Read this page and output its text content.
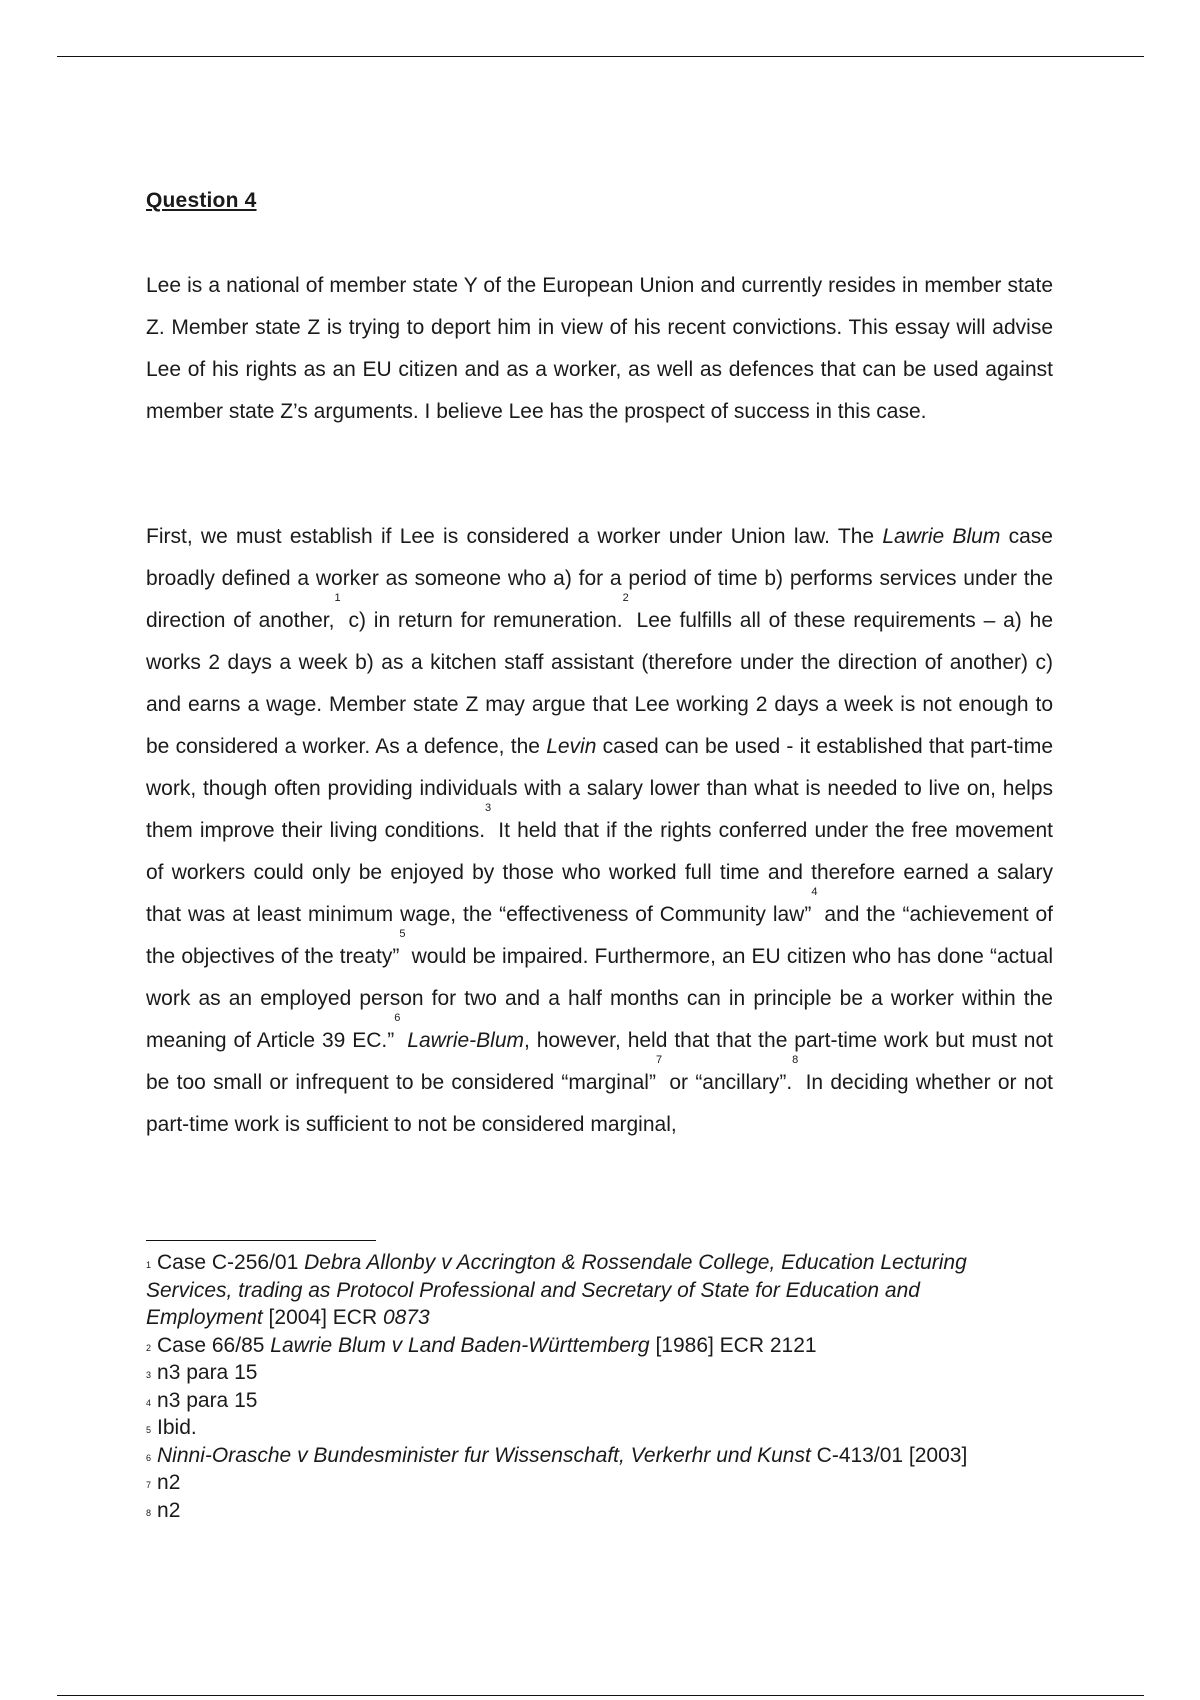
Question 4

Lee is a national of member state Y of the European Union and currently resides in member state Z. Member state Z is trying to deport him in view of his recent convictions. This essay will advise Lee of his rights as an EU citizen and as a worker, as well as defences that can be used against member state Z’s arguments. I believe Lee has the prospect of success in this case.

First, we must establish if Lee is considered a worker under Union law. The Lawrie Blum case broadly defined a worker as someone who a) for a period of time b) performs services under the direction of another,$^1$ c) in return for remuneration.$^2$ Lee fulfills all of these requirements – a) he works 2 days a week b) as a kitchen staff assistant (therefore under the direction of another) c) and earns a wage. Member state Z may argue that Lee working 2 days a week is not enough to be considered a worker. As a defence, the Levin cased can be used - it established that part-time work, though often providing individuals with a salary lower than what is needed to live on, helps them improve their living conditions.$^3$ It held that if the rights conferred under the free movement of workers could only be enjoyed by those who worked full time and therefore earned a salary that was at least minimum wage, the “effectiveness of Community law”$^4$ and the “achievement of the objectives of the treaty”$^5$ would be impaired. Furthermore, an EU citizen who has done “actual work as an employed person for two and a half months can in principle be a worker within the meaning of Article 39 EC.”$^6$ Lawrie-Blum, however, held that that the part-time work but must not be too small or infrequent to be considered “marginal”$^7$ or “ancillary”.$^8$ In deciding whether or not part-time work is sufficient to not be considered marginal,

$^1$ Case C-256/01 Debra Allonby v Accrington & Rossendale College, Education Lecturing Services, trading as Protocol Professional and Secretary of State for Education and Employment [2004] ECR 0873

$^2$ Case 66/85 Lawrie Blum v Land Baden-Württemberg [1986] ECR 2121

$^3$ n3 para 15

$^4$ n3 para 15

$^5$ Ibid.

$^6$ Ninni-Orasche v Bundesminister fur Wissenschaft, Verkerhr und Kunst C-413/01 [2003]

$^7$ n2

$^8$ n2
